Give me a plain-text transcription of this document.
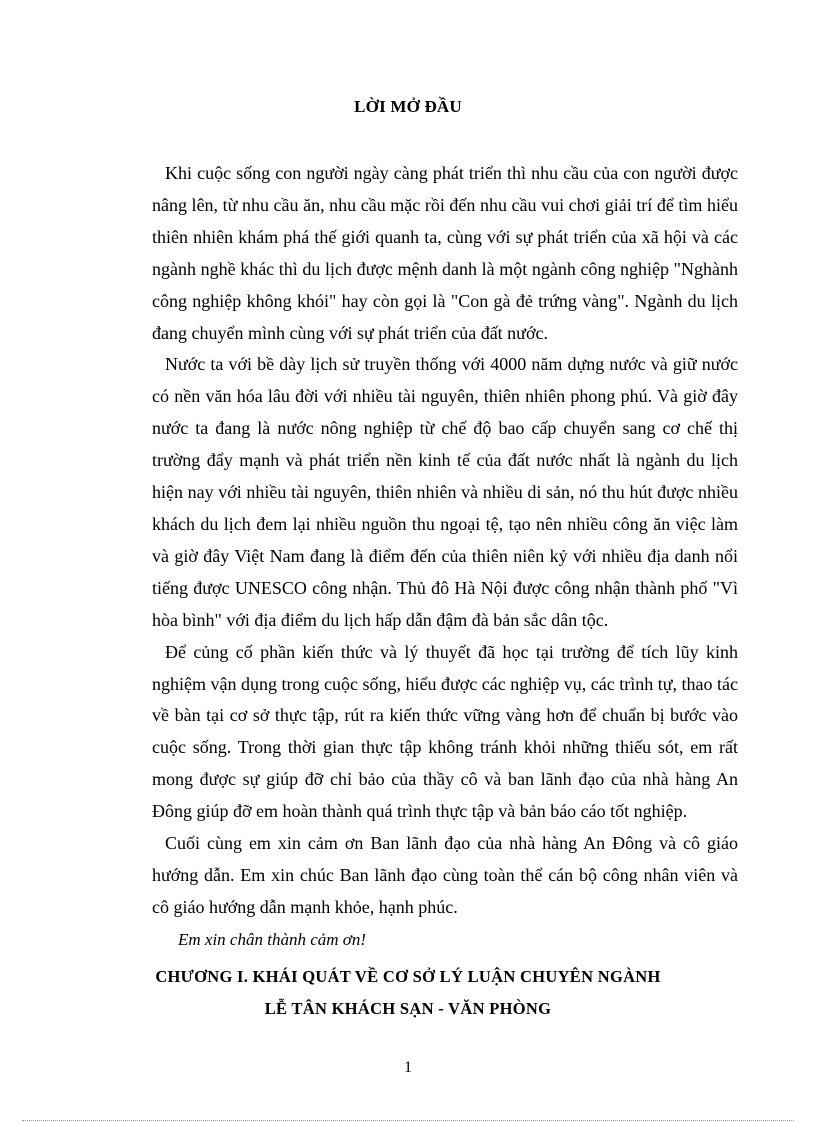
LỜI MỞ ĐẦU

Khi cuộc sống con người ngày càng phát triển thì nhu cầu của con người được nâng lên, từ nhu cầu ăn, nhu cầu mặc rồi đến nhu cầu vui chơi giải trí để tìm hiểu thiên nhiên khám phá thế giới quanh ta, cùng với sự phát triển của xã hội và các ngành nghề khác thì du lịch được mệnh danh là một ngành công nghiệp "Nghành công nghiệp không khói" hay còn gọi là "Con gà đẻ trứng vàng". Ngành du lịch đang chuyển mình cùng với sự phát triển của đất nước.

Nước ta với bề dày lịch sử truyền thống với 4000 năm dựng nước và giữ nước có nền văn hóa lâu đời với nhiều tài nguyên, thiên nhiên phong phú. Và giờ đây nước ta đang là nước nông nghiệp từ chế độ bao cấp chuyển sang cơ chế thị trường đẩy mạnh và phát triển nền kinh tế của đất nước nhất là ngành du lịch hiện nay với nhiều tài nguyên, thiên nhiên và nhiều di sản, nó thu hút được nhiều khách du lịch đem lại nhiều nguồn thu ngoại tệ, tạo nên nhiều công ăn việc làm và giờ đây Việt Nam đang là điểm đến của thiên niên kỷ với nhiều địa danh nổi tiếng được UNESCO công nhận. Thủ đô Hà Nội được công nhận thành phố "Vì hòa bình" với địa điểm du lịch hấp dẫn đậm đà bản sắc dân tộc.

Để củng cố phần kiến thức và lý thuyết đã học tại trường để tích lũy kinh nghiệm vận dụng trong cuộc sống, hiểu được các nghiệp vụ, các trình tự, thao tác về bàn tại cơ sở thực tập, rút ra kiến thức vững vàng hơn để chuẩn bị bước vào cuộc sống. Trong thời gian thực tập không tránh khỏi những thiếu sót, em rất mong được sự giúp đỡ chỉ bảo của thầy cô và ban lãnh đạo của nhà hàng An Đông giúp đỡ em hoàn thành quá trình thực tập và bản báo cáo tốt nghiệp.

Cuối cùng em xin cảm ơn Ban lãnh đạo của nhà hàng An Đông và cô giáo hướng dẫn. Em xin chúc Ban lãnh đạo cùng toàn thể cán bộ công nhân viên và cô giáo hướng dẫn mạnh khỏe, hạnh phúc.

Em xin chân thành cảm ơn!

CHƯƠNG I. KHÁI QUÁT VỀ CƠ SỞ LÝ LUẬN CHUYÊN NGÀNH
LỄ TÂN KHÁCH SẠN - VĂN PHÒNG
1
